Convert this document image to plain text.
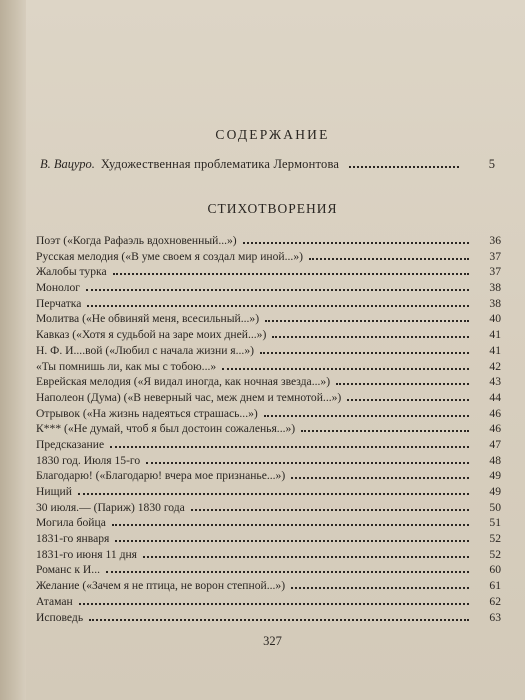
СОДЕРЖАНИЕ
В. Вацуро. Художественная проблематика Лермонтова	5
СТИХОТВОРЕНИЯ
Поэт («Когда Рафаэль вдохновенный...»)	36
Русская мелодия («В уме своем я создал мир иной...»)	37
Жалобы турка	37
Монолог	38
Перчатка	38
Молитва («Не обвиняй меня, всесильный...»)	40
Кавказ («Хотя я судьбой на заре моих дней...»)	41
Н. Ф. И....вой («Любил с начала жизни я...»)	41
«Ты помнишь ли, как мы с тобою...»	42
Еврейская мелодия («Я видал иногда, как ночная звезда...»)	43
Наполеон (Дума) («В неверный час, меж днем и темнотой...»)	44
Отрывок («На жизнь надеяться страшась...»)	46
К*** («Не думай, чтоб я был достоин сожаленья...»)	46
Предсказание	47
1830 год. Июля 15-го	48
Благодарю! («Благодарю! вчера мое признанье...»)	49
Нищий	49
30 июля.— (Париж) 1830 года	50
Могила бойца	51
1831-го января	52
1831-го июня 11 дня	52
Романс к И...	60
Желание («Зачем я не птица, не ворон степной...»)	61
Атаман	62
Исповедь	63
327
